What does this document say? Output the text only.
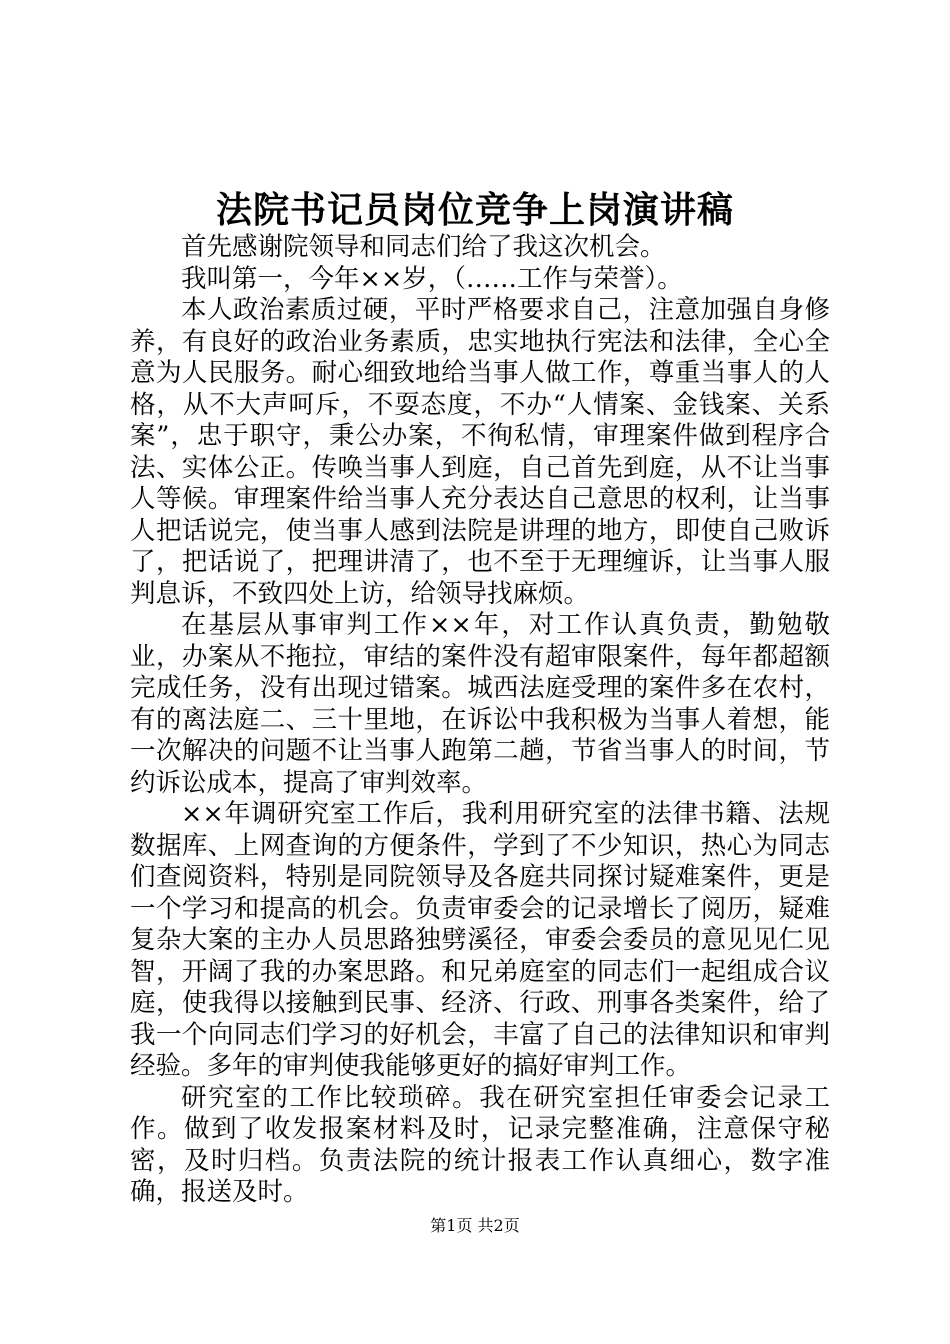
法院书记员岗位竞争上岗演讲稿

首先感谢院领导和同志们给了我这次机会。

我叫第一，今年××岁，（……工作与荣誉）。

本人政治素质过硬，平时严格要求自己，注意加强自身修养，有良好的政治业务素质，忠实地执行宪法和法律，全心全意为人民服务。耐心细致地给当事人做工作，尊重当事人的人格，从不大声呵斥，不耍态度，不办“人情案、金钱案、关系案”，忠于职守，秉公办案，不徇私情，审理案件做到程序合法、实体公正。传唤当事人到庭，自己首先到庭，从不让当事人等候。审理案件给当事人充分表达自己意思的权利，让当事人把话说完，使当事人感到法院是讲理的地方，即使自己败诉了，把话说了，把理讲清了，也不至于无理缠诉，让当事人服判息诉，不致四处上访，给领导找麻烦。

在基层从事审判工作××年，对工作认真负责，勤勉敬业，办案从不拖拉，审结的案件没有超审限案件，每年都超额完成任务，没有出现过错案。城西法庭受理的案件多在农村，有的离法庭二、三十里地，在诉讼中我积极为当事人着想，能一次解决的问题不让当事人跑第二趟，节省当事人的时间，节约诉讼成本，提高了审判效率。

××年调研究室工作后，我利用研究室的法律书籍、法规数据库、上网查询的方便条件，学到了不少知识，热心为同志们查阅资料，特别是同院领导及各庭共同探讨疑难案件，更是一个学习和提高的机会。负责审委会的记录增长了阅历，疑难复杂大案的主办人员思路独劈溪径，审委会委员的意见见仁见智，开阔了我的办案思路。和兄弟庭室的同志们一起组成合议庭，使我得以接触到民事、经济、行政、刑事各类案件，给了我一个向同志们学习的好机会，丰富了自己的法律知识和审判经验。多年的审判使我能够更好的搞好审判工作。

研究室的工作比较琐碎。我在研究室担任审委会记录工作。做到了收发报案材料及时，记录完整准确，注意保守秘密，及时归档。负责法院的统计报表工作认真细心，数字准确，报送及时。

第1页 共2页
